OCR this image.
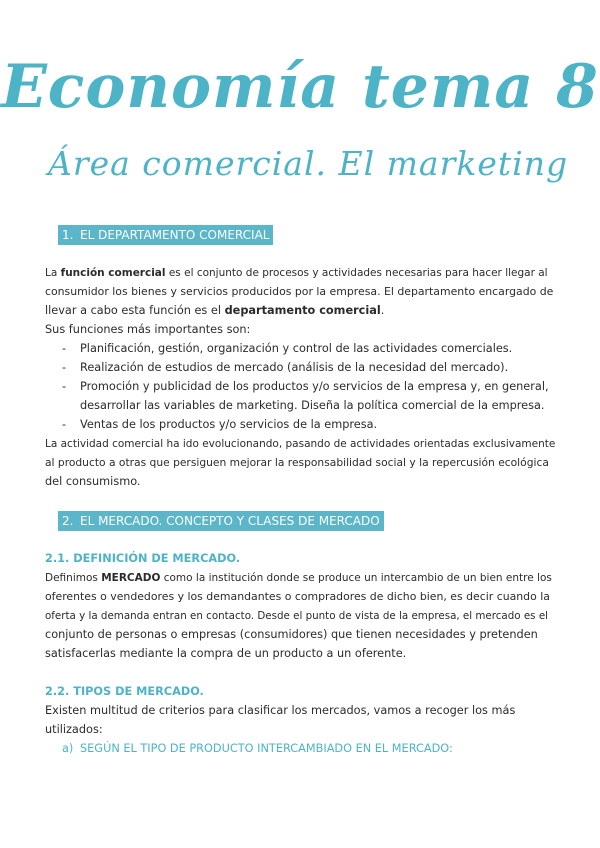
Economía tema 8
Área comercial. El marketing
1. EL DEPARTAMENTO COMERCIAL
La función comercial es el conjunto de procesos y actividades necesarias para hacer llegar al
consumidor los bienes y servicios producidos por la empresa. El departamento encargado de
llevar a cabo esta función es el departamento comercial.
Sus funciones más importantes son:
- Planificación, gestión, organización y control de las actividades comerciales.
- Realización de estudios de mercado (análisis de la necesidad del mercado).
- Promoción y publicidad de los productos y/o servicios de la empresa y, en general,
desarrollar las variables de marketing. Diseña la política comercial de la empresa.
- Ventas de los productos y/o servicios de la empresa.
La actividad comercial ha ido evolucionando, pasando de actividades orientadas exclusivamente
al producto a otras que persiguen mejorar la responsabilidad social y la repercusión ecológica
del consumismo.
2. EL MERCADO. CONCEPTO Y CLASES DE MERCADO
2.1. DEFINICIÓN DE MERCADO.
Definimos MERCADO como la institución donde se produce un intercambio de un bien entre los
oferentes o vendedores y los demandantes o compradores de dicho bien, es decir cuando la
oferta y la demanda entran en contacto. Desde el punto de vista de la empresa, el mercado es el
conjunto de personas o empresas (consumidores) que tienen necesidades y pretenden
satisfacerlas mediante la compra de un producto a un oferente.
2.2. TIPOS DE MERCADO.
Existen multitud de criterios para clasificar los mercados, vamos a recoger los más
utilizados:
a) SEGÚN EL TIPO DE PRODUCTO INTERCAMBIADO EN EL MERCADO:
